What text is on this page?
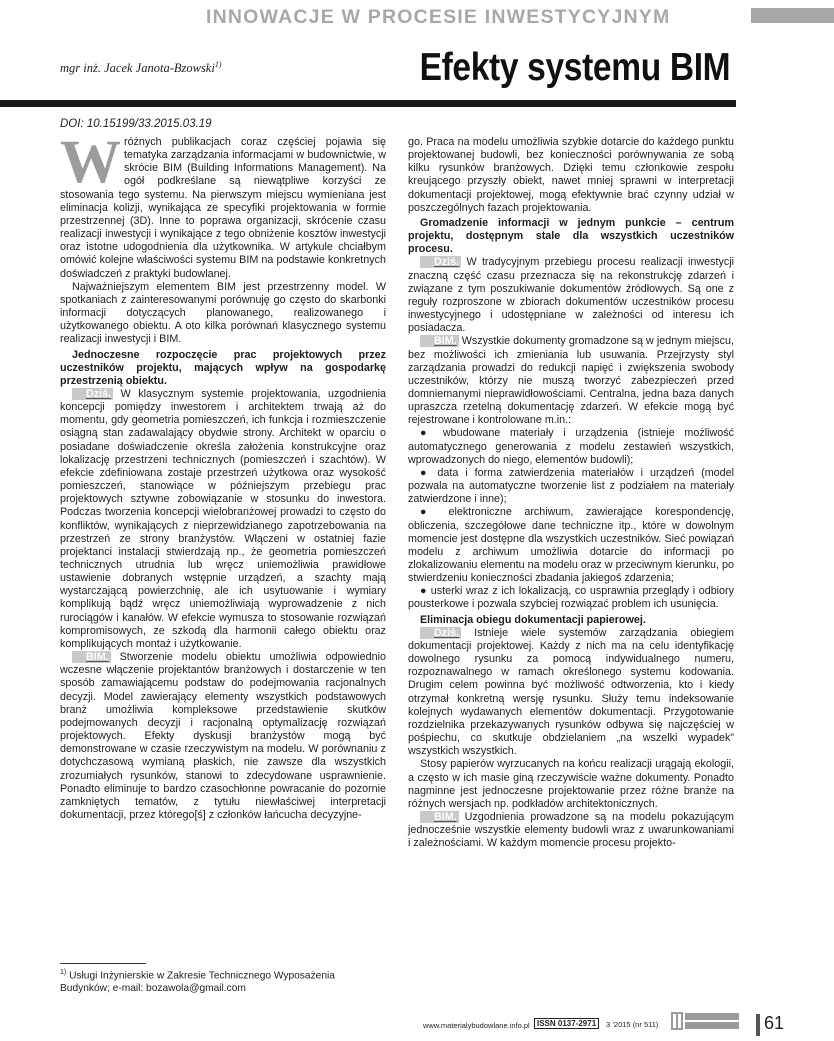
INNOWACJE W PROCESIE INWESTYCYJNYM
mgr inż. Jacek Janota-Bzowski$^{1)}$	Efekty systemu BIM
DOI: 10.15199/33.2015.03.19

Wróżnych publikacjach coraz częściej pojawia się tematyka zarządzania informacjami w budownictwie, w skrócie BIM (Building Informations Management). Na ogół podkreślane są niewątpliwe korzyści ze stosowania tego systemu. Na pierwszym miejscu wymieniana jest eliminacja kolizji, wynikająca ze specyfiki projektowania w formie przestrzennej (3D). Inne to poprawa organizacji, skrócenie czasu realizacji inwestycji i wynikające z tego obniżenie kosztów inwestycji oraz istotne udogodnienia dla użytkownika. W artykule chciałbym omówić kolejne właściwości systemu BIM na podstawie konkretnych doświadczeń z praktyki budowlanej.

Najważniejszym elementem BIM jest przestrzenny model. W spotkaniach z zainteresowanymi porównuję go często do skarbonki informacji dotyczących planowanego, realizowanego i użytkowanego obiektu. A oto kilka porównań klasycznego systemu realizacji inwestycji i BIM.

Jednoczesne rozpoczęcie prac projektowych przez uczestników projektu, mających wpływ na gospodarkę przestrzenią obiektu.

Dziś. W klasycznym systemie projektowania, uzgodnienia koncepcji pomiędzy inwestorem i architektem trwają aż do momentu, gdy geometria pomieszczeń, ich funkcja i rozmieszczenie osiągną stan zadawalający obydwie strony. Architekt w oparciu o posiadane doświadczenie określa założenia konstrukcyjne oraz lokalizację przestrzeni technicznych (pomieszczeń i szachtów). W efekcie zdefiniowana zostaje przestrzeń użytkowa oraz wysokość pomieszczeń, stanowiące w późniejszym przebiegu prac projektowych sztywne zobowiązanie w stosunku do inwestora. Podczas tworzenia koncepcji wielobranżowej prowadzi to często do konfliktów, wynikających z nieprzewidzianego zapotrzebowania na przestrzeń ze strony branżystów. Włączeni w ostatniej fazie projektanci instalacji stwierdzają np., że geometria pomieszczeń technicznych utrudnia lub wręcz uniemożliwia prawidłowe ustawienie dobranych wstępnie urządzeń, a szachty mają wystarczającą powierzchnię, ale ich usytuowanie i wymiary komplikują bądź wręcz uniemożliwiają wyprowadzenie z nich rurociągów i kanałów. W efekcie wymusza to stosowanie rozwiązań kompromisowych, ze szkodą dla harmonii całego obiektu oraz komplikujących montaż i użytkowanie.

BIM. Stworzenie modelu obiektu umożliwia odpowiednio wczesne włączenie projektantów branżowych i dostarczenie w ten sposób zamawiającemu podstaw do podejmowania racjonalnych decyzji. Model zawierający elementy wszystkich podstawowych branż umożliwia kompleksowe przedstawienie skutków podejmowanych decyzji i racjonalną optymalizację rozwiązań projektowych. Efekty dyskusji branżystów mogą być demonstrowane w czasie rzeczywistym na modelu. W porównaniu z dotychczasową wymianą płaskich, nie zawsze dla wszystkich zrozumiałych rysunków, stanowi to zdecydowane usprawnienie. Ponadto eliminuje to bardzo czasochłonne powracanie do pozornie zamkniętych tematów, z tytułu niewłaściwej interpretacji dokumentacji, przez którego[ś] z członków łańcucha decyzyjne-

go. Praca na modelu umożliwia szybkie dotarcie do każdego punktu projektowanej budowli, bez konieczności porównywania ze sobą kilku rysunków branżowych. Dzięki temu członkowie zespołu kreującego przyszły obiekt, nawet mniej sprawni w interpretacji dokumentacji projektowej, mogą efektywnie brać czynny udział w poszczególnych fazach projektowania.

Gromadzenie informacji w jednym punkcie – centrum projektu, dostępnym stale dla wszystkich uczestników procesu.

Dziś. W tradycyjnym przebiegu procesu realizacji inwestycji znaczną część czasu przeznacza się na rekonstrukcję zdarzeń i związane z tym poszukiwanie dokumentów źródłowych. Są one z reguły rozproszone w zbiorach dokumentów uczestników procesu inwestycyjnego i udostępniane w zależności od interesu ich posiadacza.

BIM. Wszystkie dokumenty gromadzone są w jednym miejscu, bez możliwości ich zmieniania lub usuwania. Przejrzysty styl zarządzania prowadzi do redukcji napięć i zwiększenia swobody uczestników, którzy nie muszą tworzyć zabezpieczeń przed domniemanymi nieprawidłowościami. Centralna, jedna baza danych upraszcza rzetelną dokumentację zdarzeń. W efekcie mogą być rejestrowane i kontrolowane m.in.:

● wbudowane materiały i urządzenia (istnieje możliwość automatycznego generowania z modelu zestawień wszystkich, wprowadzonych do niego, elementów budowli);

● data i forma zatwierdzenia materiałów i urządzeń (model pozwala na automatyczne tworzenie list z podziałem na materiały zatwierdzone i inne);

● elektroniczne archiwum, zawierające korespondencję, obliczenia, szczegółowe dane techniczne itp., które w dowolnym momencie jest dostępne dla wszystkich uczestników. Sieć powiązań modelu z archiwum umożliwia dotarcie do informacji po zlokalizowaniu elementu na modelu oraz w przeciwnym kierunku, po stwierdzeniu konieczności zbadania jakiegoś zdarzenia;

● usterki wraz z ich lokalizacją, co usprawnia przeglądy i odbiory pousterkowe i pozwala szybciej rozwiązać problem ich usunięcia.

Eliminacja obiegu dokumentacji papierowej.

Dziś. Istnieje wiele systemów zarządzania obiegiem dokumentacji projektowej. Każdy z nich ma na celu identyfikację dowolnego rysunku za pomocą indywidualnego numeru, rozpoznawalnego w ramach określonego systemu kodowania. Drugim celem powinna być możliwość odtworzenia, kto i kiedy otrzymał konkretną wersję rysunku. Służy temu indeksowanie kolejnych wydawanych elementów dokumentacji. Przygotowanie rozdzielnika przekazywanych rysunków odbywa się najczęściej w pośpiechu, co skutkuje obdzielaniem „na wszelki wypadek” wszystkich wszystkich.

Stosy papierów wyrzucanych na końcu realizacji urągają ekologii, a często w ich masie giną rzeczywiście ważne dokumenty. Ponadto nagminne jest jednoczesne projektowanie przez różne branże na różnych wersjach np. podkładów architektonicznych.

BIM. Uzgodnienia prowadzone są na modelu pokazującym jednocześnie wszystkie elementy budowli wraz z uwarunkowaniami i zależnościami. W każdym momencie procesu projekto-

$^{1)}$ Usługi Inżynierskie w Zakresie Technicznego Wyposażenia Budynków; e-mail: bozawola@gmail.com
www.materialybudowlane.info.pl ISSN 0137-2971	3 ’2015 (nr 511)	61
